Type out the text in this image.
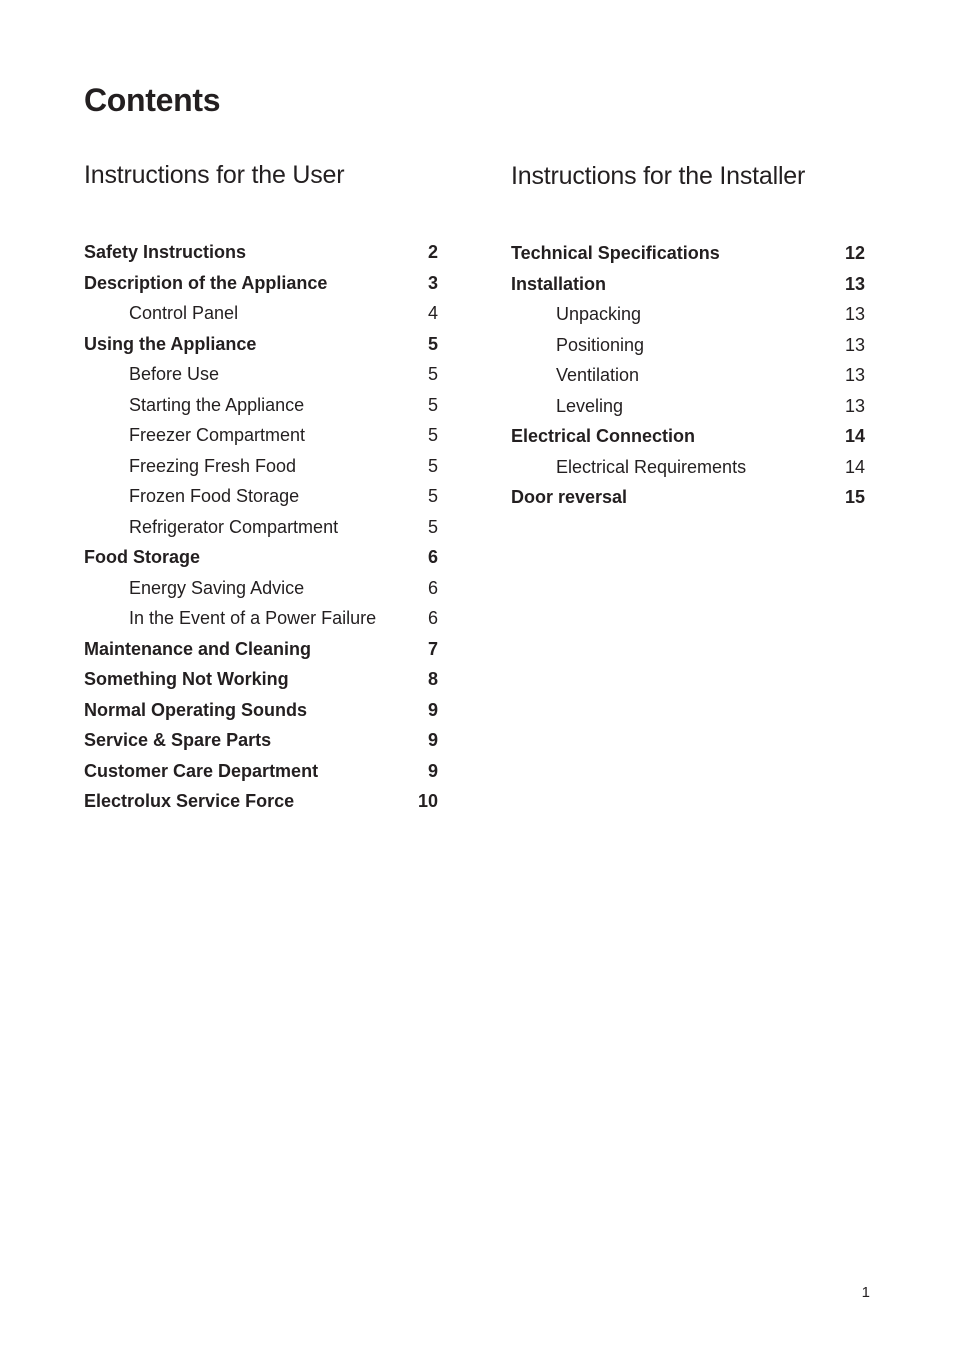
Contents
Instructions for the User
Safety Instructions	2
Description of the Appliance	3
Control Panel	4
Using the Appliance	5
Before Use	5
Starting the Appliance	5
Freezer Compartment	5
Freezing Fresh Food	5
Frozen Food Storage	5
Refrigerator Compartment	5
Food Storage	6
Energy Saving Advice	6
In the Event of a Power Failure	6
Maintenance and Cleaning	7
Something Not Working	8
Normal Operating Sounds	9
Service & Spare Parts	9
Customer Care Department	9
Electrolux Service Force	10
Instructions for the Installer
Technical Specifications	12
Installation	13
Unpacking	13
Positioning	13
Ventilation	13
Leveling	13
Electrical Connection	14
Electrical Requirements	14
Door reversal	15
1
